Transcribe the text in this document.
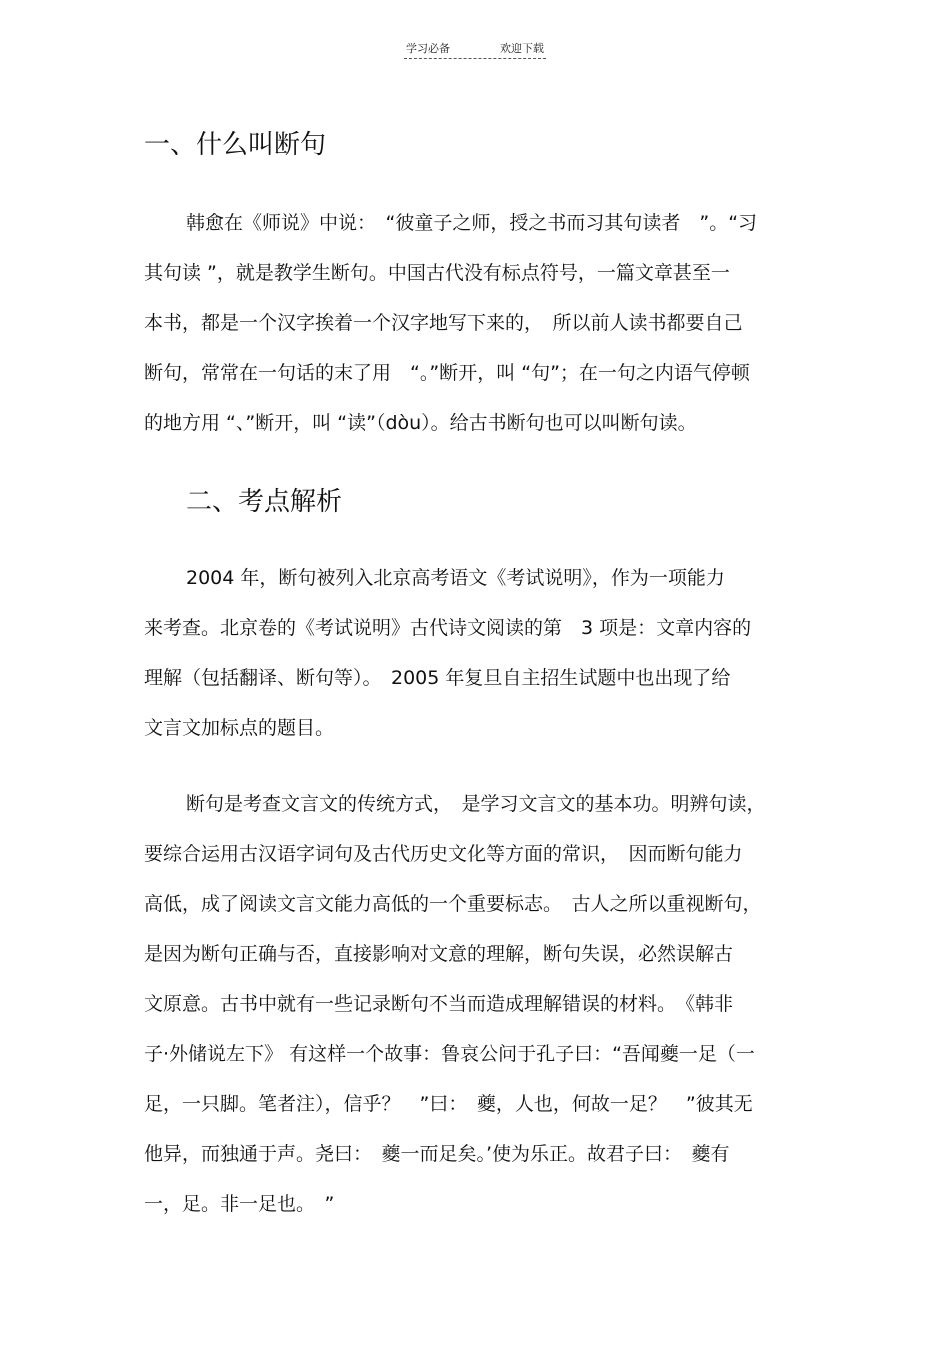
学习必备	欢迎下载
一、什么叫断句
韩愈在《师说》中说：　“彼童子之师，授之书而习其句读者　”。“习
其句读 ”，就是教学生断句。中国古代没有标点符号，一篇文章甚至一
本书，都是一个汉字挨着一个汉字地写下来的，　所以前人读书都要自己
断句，常常在一句话的末了用　“。”断开，叫 “句”；在一句之内语气停顿
的地方用 “、”断开，叫 “读”（dòu）。给古书断句也可以叫断句读。
二、考点解析
2004 年，断句被列入北京高考语文《考试说明》，作为一项能力
来考查。北京卷的《考试说明》古代诗文阅读的第　3 项是：文章内容的
理解（包括翻译、断句等）。　2005 年复旦自主招生试题中也出现了给
文言文加标点的题目。
断句是考查文言文的传统方式，　是学习文言文的基本功。明辨句读，
要综合运用古汉语字词句及古代历史文化等方面的常识，　因而断句能力
高低，成了阅读文言文能力高低的一个重要标志。　古人之所以重视断句，
是因为断句正确与否，直接影响对文意的理解，断句失误，必然误解古
文原意。古书中就有一些记录断句不当而造成理解错误的材料。　《韩非
子·外储说左下》 有这样一个故事：鲁哀公问于孔子曰：“吾闻夔一足（一
足，一只脚。笔者注），信乎？　”曰：　夔，人也，何故一足？　”彼其无
他异，而独通于声。尧曰：　夔一而足矣。’使为乐正。故君子曰：　夔有
一，足。非一足也。　”
